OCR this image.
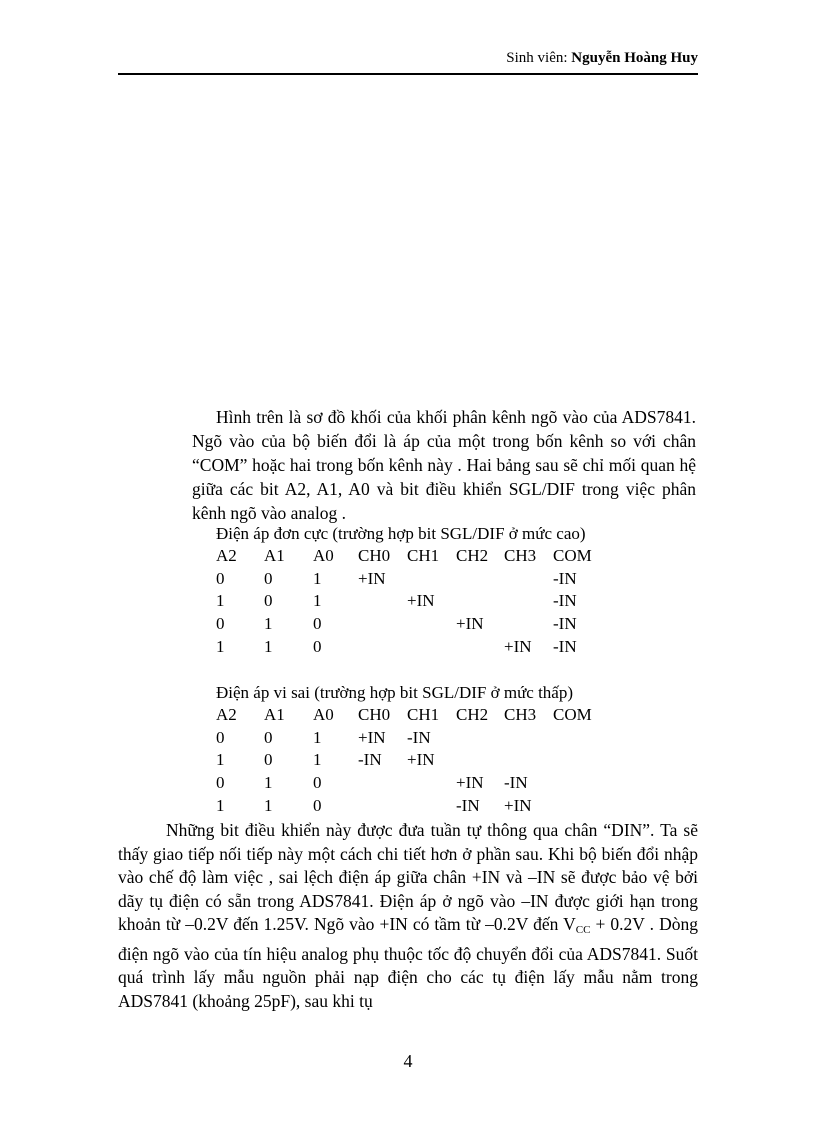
Sinh viên: Nguyễn Hoàng Huy

Hình trên là sơ đồ khối của khối phân kênh ngõ vào của ADS7841. Ngõ vào của bộ biến đổi là áp của một trong bốn kênh so với chân “COM” hoặc hai trong bốn kênh này . Hai bảng sau sẽ chỉ mối quan hệ giữa các bit A2, A1, A0 và bit điều khiển SGL/DIF trong việc phân kênh ngõ vào analog .

Điện áp đơn cực (trường hợp bit SGL/DIF ở mức cao)

A2	A1	A0	CH0	CH1	CH2	CH3	COM
0	0	1	+IN				-IN
1	0	1		+IN			-IN
0	1	0			+IN		-IN
1	1	0				+IN	-IN

Điện áp vi sai (trường hợp bit SGL/DIF ở mức thấp)

A2	A1	A0	CH0	CH1	CH2	CH3	COM
0	0	1	+IN	-IN			
1	0	1	-IN	+IN			
0	1	0			+IN	-IN	
1	1	0			-IN	+IN	

Những bit điều khiển này được đưa tuần tự thông qua chân “DIN”. Ta sẽ thấy giao tiếp nối tiếp này một cách chi tiết hơn ở phần sau. Khi bộ biến đổi nhập vào chế độ làm việc , sai lệch điện áp giữa chân +IN và –IN sẽ được bảo vệ bởi dãy tụ điện có sẵn trong ADS7841. Điện áp ở ngõ vào –IN được giới hạn trong khoản từ –0.2V đến 1.25V. Ngõ vào +IN có tầm từ –0.2V đến $V_{CC} + 0.2V$ . Dòng điện ngõ vào của tín hiệu analog phụ thuộc tốc độ chuyển đổi của ADS7841. Suốt quá trình lấy mẫu nguồn phải nạp điện cho các tụ điện lấy mẫu nằm trong ADS7841 (khoảng 25pF), sau khi tụ

4
